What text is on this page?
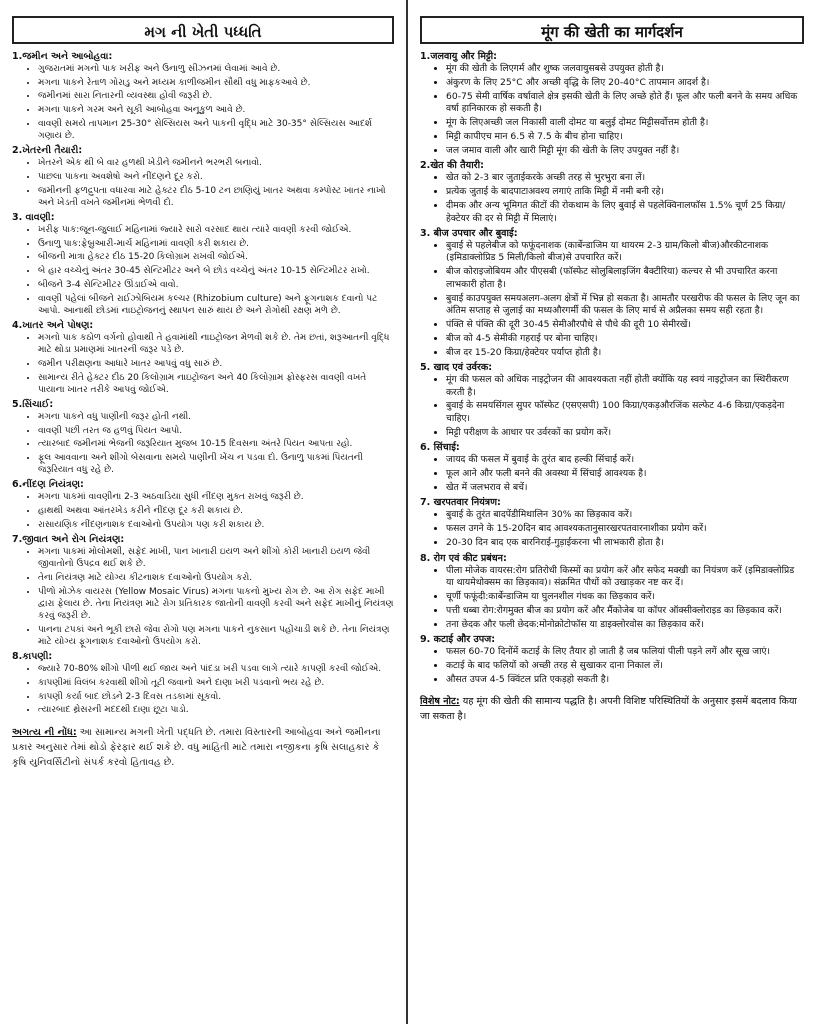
મગ ની ખેતી પધ્ધતિ
1.જમીન અને આબોહવા:
• ગુજરાતમાં મગનો પાક ખરીફ અને ઉનાળુ સીઝનમાં લેવામાં આવે છે.
• મગના પાકને રેતાળ ગોરાડુ અને મધ્યમ કાળીજમીન સૌથી વધુ માફકઆવે છે.
• જમીનમાં સારા નિતારની વ્યવસ્થા હોવી જરૂરી છે.
• મગના પાકને ગરમ અને સૂકી આબોહવા અનૂકુળ આવે છે.
• વાવણી સમયે તાપમાન 25-30° સેલ્સિયસ અને પાકની વૃદ્ધિ માટે 30-35° સેલ્સિયસ આદર્શ ગણાય છે.
2.ખેતરની તૈયારી:
• ખેતરને એક થી બે વાર હળથી ખેડીને જમીનને ભરભરી બનાવો.
• પાછલા પાકના અવશેષો અને નીંદણને દૂર કરો.
• જમીનની ફળદ્રુપતા વધારવા માટે હેક્ટર દીઠ 5-10 ટન છાણિયું ખાતર અથવા કમ્પોસ્ટ ખાતર નાખો અને ખેડતી વખતે જમીનમાં ભેળવી દો.
3. વાવણી:
• ખરીફ પાક:જૂન-જુલાઈ મહિનામાં જ્યારે સારો વરસાદ થાય ત્યારે વાવણી કરવી જોઈએ.
• ઉનાળુ પાક:ફેબ્રુઆરી-માર્ચ મહિનામાં વાવણી કરી શકાય છે.
• બીજની માત્રા હેક્ટર દીઠ 15-20 કિલોગ્રામ રાખવી જોઈએ.
• બે હાર વચ્ચેનું અંતર 30-45 સેન્ટિમીટર અને બે છોડ વચ્ચેનું અંતર 10-15 સેન્ટિમીટર રાખો.
• બીજને 3-4 સેન્ટિમીટર ઊંડાઈએ વાવો.
• વાવણી પહેલાં બીજને રાઈઝોબિયમ કલ્ચર (Rhizobium culture) અને ફૂગનાશક દવાનો પટ આપો. આનાથી છોડમાં નાઇટ્રોજનનું સ્થાપન સારું થાય છે અને રોગોથી રક્ષણ મળે છે.
4.ખાતર અને પોષણ:
• મગનો પાક કઠોળ વર્ગનો હોવાથી તે હવામાંથી નાઇટ્રોજન મેળવી શકે છે. તેમ છતાં, શરૂઆતની વૃદ્ધિ માટે થોડા પ્રમાણમાં ખાતરની જરૂર પડે છે.
• જમીન પરીક્ષણના આધારે ખાતર આપવું વધુ સારું છે.
• સામાન્ય રીતે હેક્ટર દીઠ 20 કિલોગ્રામ નાઇટ્રોજન અને 40 કિલોગ્રામ ફોસ્ફરસ વાવણી વખતે પાયાના ખાતર તરીકે આપવું જોઈએ.
5.સિંચાઈ:
• મગના પાકને વધુ પાણીની જરૂર હોતી નથી.
• વાવણી પછી તરત જ હળવું પિયત આપો.
• ત્યારબાદ જમીનમાં ભેજની જરૂરિયાત મુજબ 10-15 દિવસના અંતરે પિયત આપતા રહો.
• ફૂલ આવવાના અને શીંગો બેસવાના સમયે પાણીની ખેંચ ન પડવા દો. ઉનાળુ પાકમાં પિયતની જરૂરિયાત વધુ રહે છે.
6.નીંદણ નિયંત્રણ:
• મગના પાકમાં વાવણીના 2-3 અઠવાડિયા સુધી નીંદણ મુક્ત રાખવું જરૂરી છે.
• હાથથી અથવા આંતરખેડ કરીને નીંદણ દૂર કરી શકાય છે.
• રાસાયણિક નીંદણનાશક દવાઓનો ઉપયોગ પણ કરી શકાય છે.
7.જીવાત અને રોગ નિયંત્રણ:
• મગના પાકમાં મોલોમશી, સફેદ માખી, પાન ખાનારી ઇયળ અને શીંગો કોરી ખાનારી ઇયળ જેવી જીવાતોનો ઉપદ્રવ થઈ શકે છે.
• તેના નિયંત્રણ માટે યોગ્ય કીટનાશક દવાઓનો ઉપયોગ કરો.
• પીળો મોઝેક વાયરસ (Yellow Mosaic Virus) મગના પાકનો મુખ્ય રોગ છે. આ રોગ સફેદ માખી દ્વારા ફેલાય છે. તેના નિયંત્રણ માટે રોગ પ્રતિકારક જાતોની વાવણી કરવી અને સફેદ માખીનું નિયંત્રણ કરવું જરૂરી છે.
• પાનના ટપકાં અને ભૂકી છારો જેવા રોગો પણ મગના પાકને નુકસાન પહોંચાડી શકે છે. તેના નિયંત્રણ માટે યોગ્ય ફૂગનાશક દવાઓનો ઉપયોગ કરો.
8.કાપણી:
• જ્યારે 70-80% શીંગો પીળી થઈ જાય અને પાંદડા ખરી પડવા લાગે ત્યારે કાપણી કરવી જોઈએ.
• કાપણીમાં વિલંબ કરવાથી શીંગો તૂટી જવાનો અને દાણા ખરી પડવાનો ભય રહે છે.
• કાપણી કર્યા બાદ છોડને 2-3 દિવસ તડકામાં સૂકવો.
• ત્યારબાદ થ્રેસરની મદદથી દાણા છૂટા પાડો.
અગત્ય ની નોંધ: આ સામાન્ય મગની ખેતી પદ્ધતિ છે. તમારા વિસ્તારની આબોહવા અને જમીનના પ્રકાર અનુસાર તેમાં થોડો ફેરફાર થઈ શકે છે. વધુ માહિતી માટે તમારા નજીકના કૃષિ સલાહકાર કે કૃષિ યુનિવર્સિટીનો સંપર્ક કરવો હિતાવહ છે.
मूंग की खेती का मार्गदर्शन
1.जलवायु और मिट्टी:
• मूंग की खेती के लिएगर्म और शुष्क जलवायुसबसे उपयुक्त होती है।
• अंकुरण के लिए 25°C और अच्छी वृद्धि के लिए 20-40°C तापमान आदर्श है।
• 60-75 सेमी वार्षिक वर्षावाले क्षेत्र इसकी खेती के लिए अच्छे होते हैं। फूल और फली बनने के समय अधिक वर्षा हानिकारक हो सकती है।
• मूंग के लिएअच्छी जल निकासी वाली दोमट या बलुई दोमट मिट्टीसर्वोत्तम होती है।
• मिट्टी कापीएच मान 6.5 से 7.5 के बीच होना चाहिए।
• जल जमाव वाली और खारी मिट्टी मूंग की खेती के लिए उपयुक्त नहीं है।
2.खेत की तैयारी:
• खेत को 2-3 बार जुताईकरके अच्छी तरह से भुरभुरा बना लें।
• प्रत्येक जुताई के बादपाटाअवश्य लगाएं ताकि मिट्टी में नमी बनी रहे।
• दीमक और अन्य भूमिगत कीटों की रोकथाम के लिए बुवाई से पहलेक्विनालफॉस 1.5% चूर्ण 25 किग्रा/हेक्टेयर की दर से मिट्टी में मिलाएं।
3. बीज उपचार और बुवाई:
• बुवाई से पहलेबीज को फफूंदनाशक (कार्बेन्डाजिम या थायरम 2-3 ग्राम/किलो बीज)औरकीटनाशक (इमिडाक्लोप्रिड 5 मिली/किलो बीज)से उपचारित करें।
• बीज कोराइजोबियम और पीएसबी (फॉस्फेट सोलुबिलाइजिंग बैक्टीरिया) कल्चर से भी उपचारित करना लाभकारी होता है।
• बुवाई काउपयुक्त समयअलग-अलग क्षेत्रों में भिन्न हो सकता है। आमतौर परखरीफ की फसल के लिए जून का अंतिम सप्ताह से जुलाई का मध्यऔरगर्मी की फसल के लिए मार्च से अप्रैलका समय सही रहता है।
• पंक्ति से पंक्ति की दूरी 30-45 सेमीऔरपौधे से पौधे की दूरी 10 सेमीरखें।
• बीज को 4-5 सेमीकी गहराई पर बोना चाहिए।
• बीज दर 15-20 किग्रा/हेक्टेयर पर्याप्त होती है।
5. खाद एवं उर्वरक:
• मूंग की फसल को अधिक नाइट्रोजन की आवश्यकता नहीं होती क्योंकि यह स्वयं नाइट्रोजन का स्थिरीकरण करती है।
• बुवाई के समयसिंगल सुपर फॉस्फेट (एसएसपी) 100 किग्रा/एकड़औरजिंक सल्फेट 4-6 किग्रा/एकड़देना चाहिए।
• मिट्टी परीक्षण के आधार पर उर्वरकों का प्रयोग करें।
6. सिंचाई:
• जायद की फसल में बुवाई के तुरंत बाद हल्की सिंचाई करें।
• फूल आने और फली बनने की अवस्था में सिंचाई आवश्यक है।
• खेत में जलभराव से बचें।
7. खरपतवार नियंत्रण:
• बुवाई के तुरंत बादपेंडीमिथालिन 30% का छिड़काव करें।
• फसल उगने के 15-20दिन बाद आवश्यकतानुसारखरपतवारनाशीका प्रयोग करें।
• 20-30 दिन बाद एक बारनिराई-गुड़ाईकरना भी लाभकारी होता है।
8. रोग एवं कीट प्रबंधन:
• पीला मोजेक वायरस:रोग प्रतिरोधी किस्मों का प्रयोग करें और सफेद मक्खी का नियंत्रण करें (इमिडाक्लोप्रिड या थायमेथोक्सम का छिड़काव)। संक्रमित पौधों को उखाड़कर नष्ट कर दें।
• चूर्णी फफूंदी:कार्बेन्डाजिम या घुलनशील गंधक का छिड़काव करें।
• पत्ती धब्बा रोग:रोगमुक्त बीज का प्रयोग करें और मैंकोजेब या कॉपर ऑक्सीक्लोराइड का छिड़काव करें।
• तना छेदक और फली छेदक:मोनोक्रोटोफॉस या डाइक्लोरवोस का छिड़काव करें।
9. कटाई और उपज:
• फसल 60-70 दिनोंमें कटाई के लिए तैयार हो जाती है जब फलियां पीली पड़ने लगें और सूख जाएं।
• कटाई के बाद फलियों को अच्छी तरह से सुखाकर दाना निकाल लें।
• औसत उपज 4-5 क्विंटल प्रति एकड़हो सकती है।
विशेष नोट: यह मूंग की खेती की सामान्य पद्धति है। अपनी विशिष्ट परिस्थितियों के अनुसार इसमें बदलाव किया जा सकता है।
